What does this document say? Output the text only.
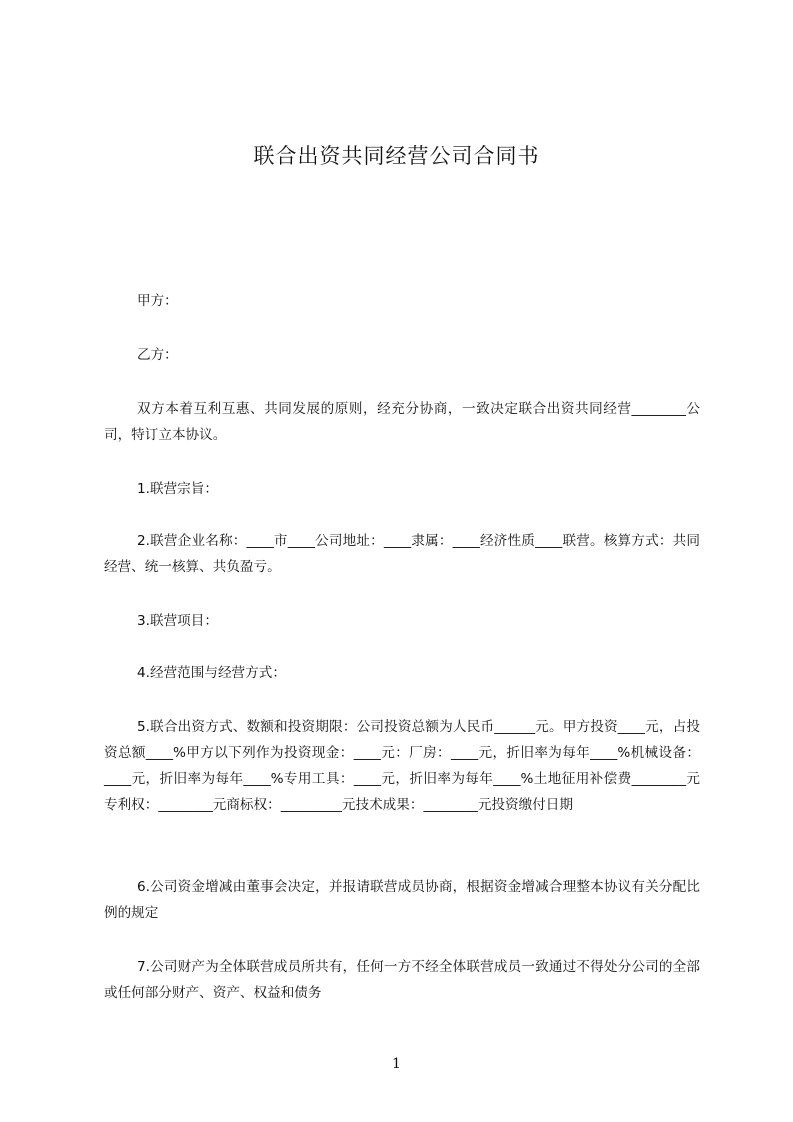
联合出资共同经营公司合同书

甲方：

乙方：

双方本着互利互惠、共同发展的原则，经充分协商，一致决定联合出资共同经营________公司，特订立本协议。

1.联营宗旨：

2.联营企业名称：____市____公司地址：____隶属：____经济性质____联营。核算方式：共同经营、统一核算、共负盈亏。

3.联营项目：

4.经营范围与经营方式：

5.联合出资方式、数额和投资期限：公司投资总额为人民币______元。甲方投资____元，占投资总额____%甲方以下列作为投资现金：____元：厂房：____元，折旧率为每年____%机械设备：____元，折旧率为每年____%专用工具：____元，折旧率为每年____%土地征用补偿费________元专利权：________元商标权：_________元技术成果：________元投资缴付日期

6.公司资金增减由董事会决定，并报请联营成员协商，根据资金增减合理整本协议有关分配比例的规定

7.公司财产为全体联营成员所共有，任何一方不经全体联营成员一致通过不得处分公司的全部或任何部分财产、资产、权益和债务

1
